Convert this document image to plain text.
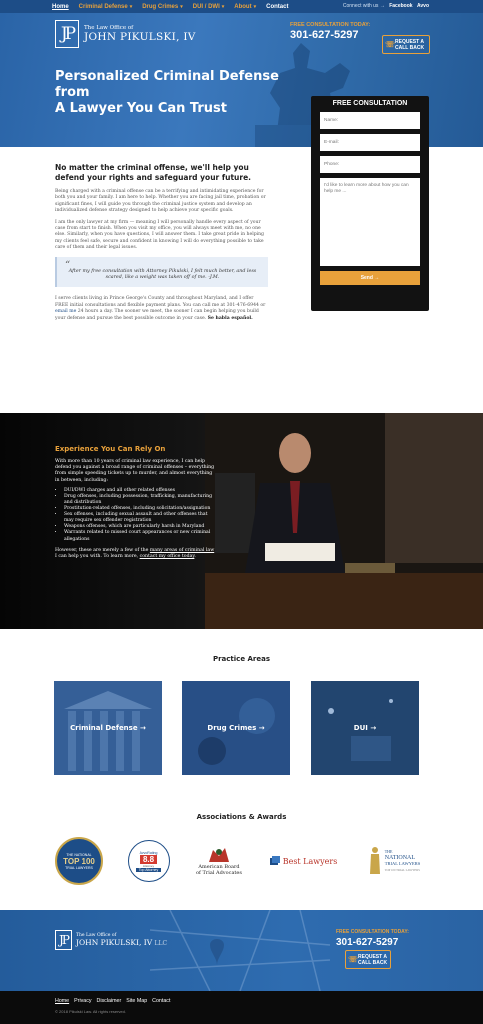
Home Criminal Defense ▾	Drug Crimes ▾	DUI / DWI ▾	About ▾	Contact	Connect with us → Facebook Avvo
JP	The Law Office of
JOHN PIKULSKI, IV
FREE CONSULTATION TODAY:
301-627-5297
☏ REQUEST A
CALL BACK
Personalized Criminal Defense
from
A Lawyer You Can Trust	FREE CONSULTATION
Name:
E-mail:
Phone:
I'd like to learn more about how you can help me ...
Send →
No matter the criminal offense, we'll help you defend your rights and safeguard your future.

Being charged with a criminal offense can be a terrifying and intimidating experience for both you and your family. I am here to help. Whether you are facing jail time, probation or significant fines, I will guide you through the criminal justice system and develop an individualized defense strategy designed to help achieve your specific goals.

I am the only lawyer at my firm — meaning I will personally handle every aspect of your case from start to finish. When you visit my office, you will always meet with me, no one else. Similarly, when you have questions, I will answer them. I take great pride in helping my clients feel safe, secure and confident in knowing I will do everything possible to take care of them and their legal issues.

“
After my free consultation with Attorney Pikulski, I felt much better, and less scared, like a weight was taken off of me. -J.M.

I serve clients living in Prince George's County and throughout Maryland, and I offer FREE initial consultations and flexible payment plans. You can call me at 301-476-6944 or email me 24 hours a day. The sooner we meet, the sooner I can begin helping you build your defense and pursue the best possible outcome in your case. Se habla español.

Experience You Can Rely On

With more than 10 years of criminal law experience, I can help defend you against a broad range of criminal offenses – everything from simple speeding tickets up to murder, and almost everything in between, including:

• DUI/DWI charges and all other related offenses
• Drug offenses, including possession, trafficking, manufacturing and distribution
• Prostitution-related offenses, including solicitation/assignation
• Sex offenses, including sexual assault and other offenses that may require sex offender registration
• Weapons offenses, which are particularly harsh in Maryland
• Warrants related to missed court appearances or new criminal allegations

However, these are merely a few of the many areas of criminal law I can help you with. To learn more, contact my office today.

Practice Areas
Criminal Defense →	Drug Crimes →	DUI →
Associations & Awards
THE NATIONAL
TOP 100
TRIAL LAWYERS
AvvoRating
8.8
Attorney
Top Attorney	American Board
of Trial Advocates
Best Lawyers
THE
NATIONAL
TRIAL LAWYERS
TOP 100 TRIAL LAWYERS
JP	The Law Office of
JOHN PIKULSKI, IV LLC
FREE CONSULTATION TODAY:
301-627-5297
☏ REQUEST A
CALL BACK
Home Privacy Disclaimer Site Map Contact
© 2018 Pikulski Law. All rights reserved.
